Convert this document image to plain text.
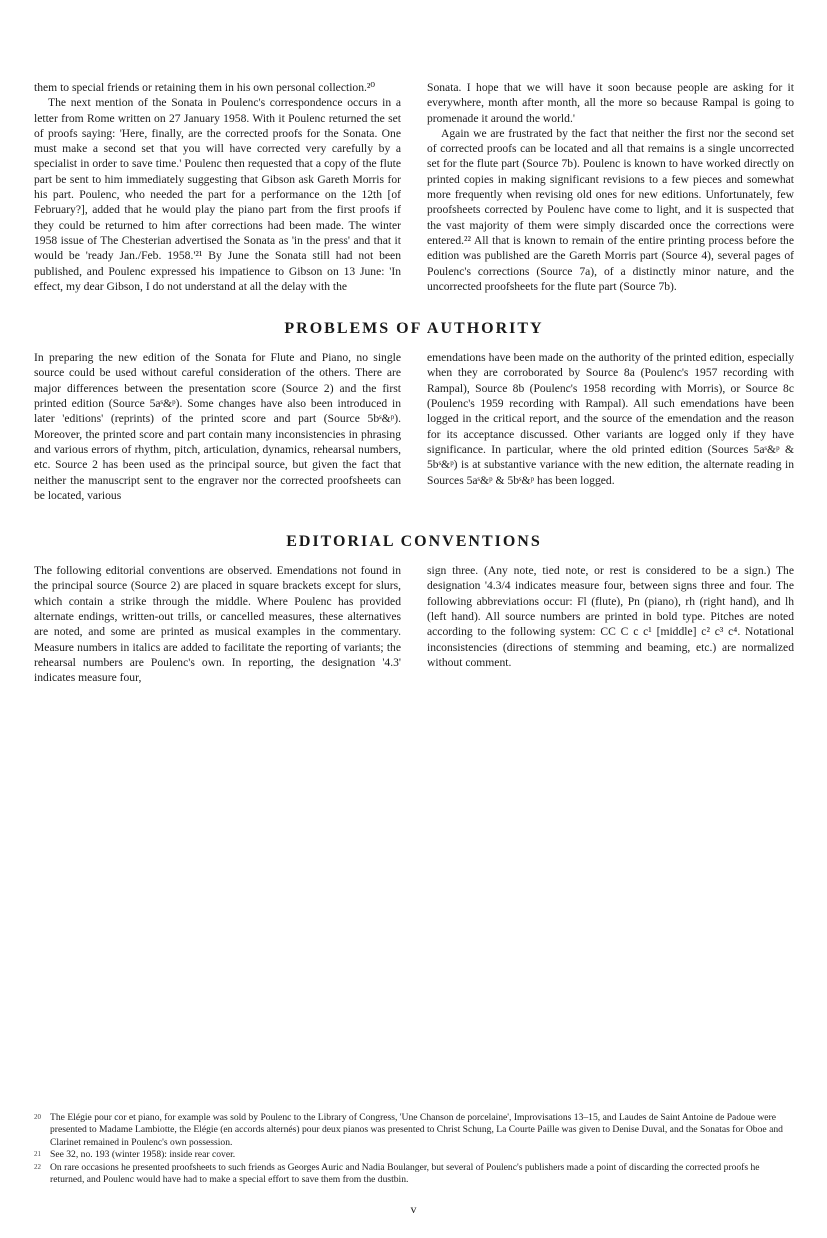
them to special friends or retaining them in his own personal collection.²⁰

The next mention of the Sonata in Poulenc's correspondence occurs in a letter from Rome written on 27 January 1958. With it Poulenc returned the set of proofs saying: 'Here, finally, are the corrected proofs for the Sonata. One must make a second set that you will have corrected very carefully by a specialist in order to save time.' Poulenc then requested that a copy of the flute part be sent to him immediately suggesting that Gibson ask Gareth Morris for his part. Poulenc, who needed the part for a performance on the 12th [of February?], added that he would play the piano part from the first proofs if they could be returned to him after corrections had been made. The winter 1958 issue of The Chesterian advertised the Sonata as 'in the press' and that it would be 'ready Jan./Feb. 1958.'²¹ By June the Sonata still had not been published, and Poulenc expressed his impatience to Gibson on 13 June: 'In effect, my dear Gibson, I do not understand at all the delay with the

Sonata. I hope that we will have it soon because people are asking for it everywhere, month after month, all the more so because Rampal is going to promenade it around the world.'

Again we are frustrated by the fact that neither the first nor the second set of corrected proofs can be located and all that remains is a single uncorrected set for the flute part (Source 7b). Poulenc is known to have worked directly on printed copies in making significant revisions to a few pieces and somewhat more frequently when revising old ones for new editions. Unfortunately, few proofsheets corrected by Poulenc have come to light, and it is suspected that the vast majority of them were simply discarded once the corrections were entered.²² All that is known to remain of the entire printing process before the edition was published are the Gareth Morris part (Source 4), several pages of Poulenc's corrections (Source 7a), of a distinctly minor nature, and the uncorrected proofsheets for the flute part (Source 7b).

PROBLEMS OF AUTHORITY

In preparing the new edition of the Sonata for Flute and Piano, no single source could be used without careful consideration of the others. There are major differences between the presentation score (Source 2) and the first printed edition (Source 5aˢ&ᵖ). Some changes have also been introduced in later 'editions' (reprints) of the printed score and part (Source 5bˢ&ᵖ). Moreover, the printed score and part contain many inconsistencies in phrasing and various errors of rhythm, pitch, articulation, dynamics, rehearsal numbers, etc. Source 2 has been used as the principal source, but given the fact that neither the manuscript sent to the engraver nor the corrected proofsheets can be located, various

emendations have been made on the authority of the printed edition, especially when they are corroborated by Source 8a (Poulenc's 1957 recording with Rampal), Source 8b (Poulenc's 1958 recording with Morris), or Source 8c (Poulenc's 1959 recording with Rampal). All such emendations have been logged in the critical report, and the source of the emendation and the reason for its acceptance discussed. Other variants are logged only if they have significance. In particular, where the old printed edition (Sources 5aˢ&ᵖ & 5bˢ&ᵖ) is at substantive variance with the new edition, the alternate reading in Sources 5aˢ&ᵖ & 5bˢ&ᵖ has been logged.

EDITORIAL CONVENTIONS

The following editorial conventions are observed. Emendations not found in the principal source (Source 2) are placed in square brackets except for slurs, which contain a strike through the middle. Where Poulenc has provided alternate endings, written-out trills, or cancelled measures, these alternatives are noted, and some are printed as musical examples in the commentary. Measure numbers in italics are added to facilitate the reporting of variants; the rehearsal numbers are Poulenc's own. In reporting, the designation '4.3' indicates measure four,

sign three. (Any note, tied note, or rest is considered to be a sign.) The designation '4.3/4 indicates measure four, between signs three and four. The following abbreviations occur: Fl (flute), Pn (piano), rh (right hand), and lh (left hand). All source numbers are printed in bold type. Pitches are noted according to the following system: CC C c c¹ [middle] c² c³ c⁴. Notational inconsistencies (directions of stemming and beaming, etc.) are normalized without comment.

20 The Elégie pour cor et piano, for example was sold by Poulenc to the Library of Congress, 'Une Chanson de porcelaine', Improvisations 13–15, and Laudes de Saint Antoine de Padoue were presented to Madame Lambiotte, the Elégie (en accords alternés) pour deux pianos was presented to Christ Schung, La Courte Paille was given to Denise Duval, and the Sonatas for Oboe and Clarinet remained in Poulenc's own possession.
21 See 32, no. 193 (winter 1958): inside rear cover.
22 On rare occasions he presented proofsheets to such friends as Georges Auric and Nadia Boulanger, but several of Poulenc's publishers made a point of discarding the corrected proofs he returned, and Poulenc would have had to make a special effort to save them from the dustbin.
v
